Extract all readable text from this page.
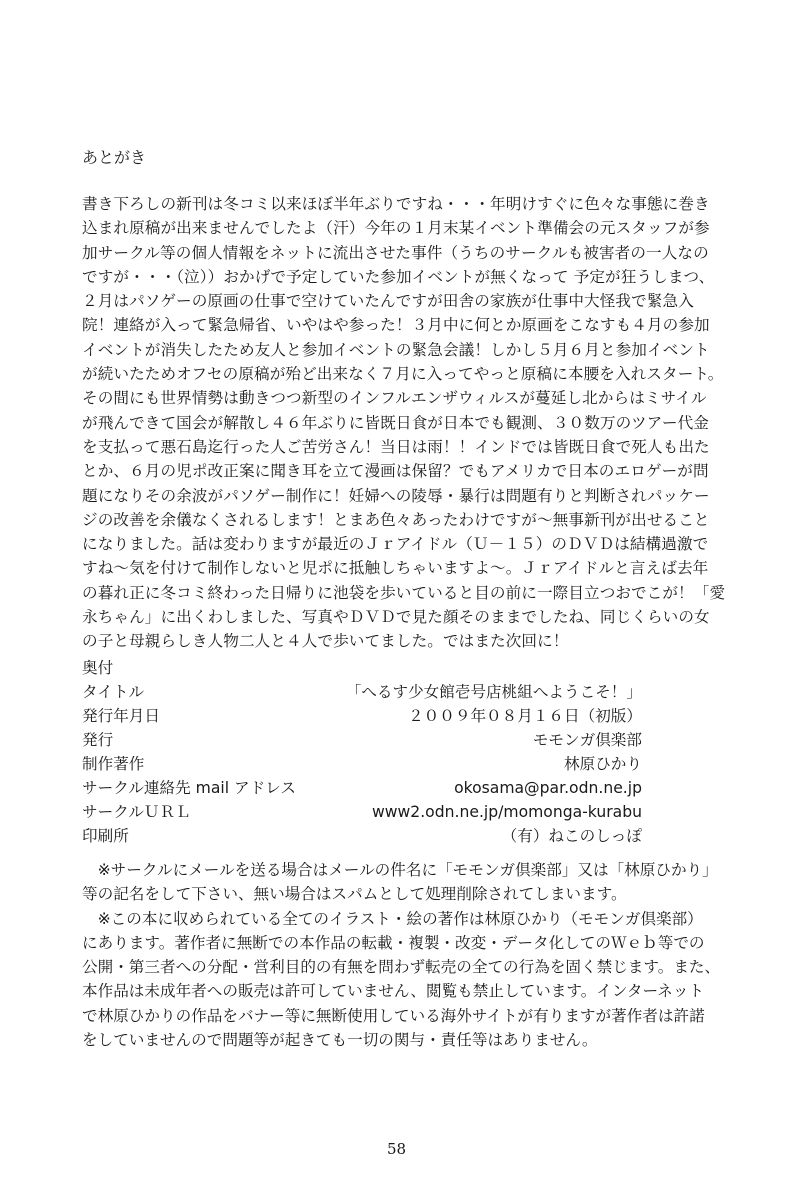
あとがき
書き下ろしの新刊は冬コミ以来ほぼ半年ぶりですね・・・年明けすぐに色々な事態に巻き
込まれ原稿が出来ませんでしたよ（汗）今年の１月末某イベント準備会の元スタッフが参
加サークル等の個人情報をネットに流出させた事件（うちのサークルも被害者の一人なの
ですが・・・（泣））おかげで予定していた参加イベントが無くなって 予定が狂うしまつ、
２月はパソゲーの原画の仕事で空けていたんですが田舎の家族が仕事中大怪我で緊急入
院！連絡が入って緊急帰省、いやはや参った！３月中に何とか原画をこなすも４月の参加
イベントが消失したため友人と参加イベントの緊急会議！しかし５月６月と参加イベント
が続いたためオフセの原稿が殆ど出来なく７月に入ってやっと原稿に本腰を入れスタート。
その間にも世界情勢は動きつつ新型のインフルエンザウィルスが蔓延し北からはミサイル
が飛んできて国会が解散し４６年ぶりに皆既日食が日本でも観測、３０数万のツアー代金
を支払って悪石島迄行った人ご苦労さん！当日は雨！！インドでは皆既日食で死人も出た
とか、６月の児ポ改正案に聞き耳を立て漫画は保留？でもアメリカで日本のエロゲーが問
題になりその余波がパソゲー制作に！妊婦への陵辱・暴行は問題有りと判断されパッケー
ジの改善を余儀なくされるします！とまあ色々あったわけですが～無事新刊が出せること
になりました。話は変わりますが最近のＪｒアイドル（Ｕ－１５）のＤＶＤは結構過激で
すね～気を付けて制作しないと児ポに抵触しちゃいますよ～。Ｊｒアイドルと言えば去年
の暮れ正に冬コミ終わった日帰りに池袋を歩いていると目の前に一際目立つおでこが！「愛
永ちゃん」に出くわしました、写真やＤＶＤで見た顔そのままでしたね、同じくらいの女
の子と母親らしき人物二人と４人で歩いてました。ではまた次回に！
奥付
タイトル	「へるす少女館壱号店桃組へようこそ！」
発行年月日	２００９年０８月１６日（初版）
発行	モモンガ倶楽部
制作著作	林原ひかり
サークル連絡先 mail アドレス	okosama@par.odn.ne.jp
サークルＵＲＬ	www2.odn.ne.jp/momonga-kurabu
印刷所	（有）ねこのしっぽ
　※サークルにメールを送る場合はメールの件名に「モモンガ倶楽部」又は「林原ひかり」
等の記名をして下さい、無い場合はスパムとして処理削除されてしまいます。
　※この本に収められている全てのイラスト・絵の著作は林原ひかり（モモンガ倶楽部）
にあります。著作者に無断での本作品の転載・複製・改変・データ化してのＷｅｂ等での
公開・第三者への分配・営利目的の有無を問わず転売の全ての行為を固く禁じます。また、
本作品は未成年者への販売は許可していません、閲覧も禁止しています。インターネット
で林原ひかりの作品をバナー等に無断使用している海外サイトが有りますが著作者は許諾
をしていませんので問題等が起きても一切の関与・責任等はありません。
58
